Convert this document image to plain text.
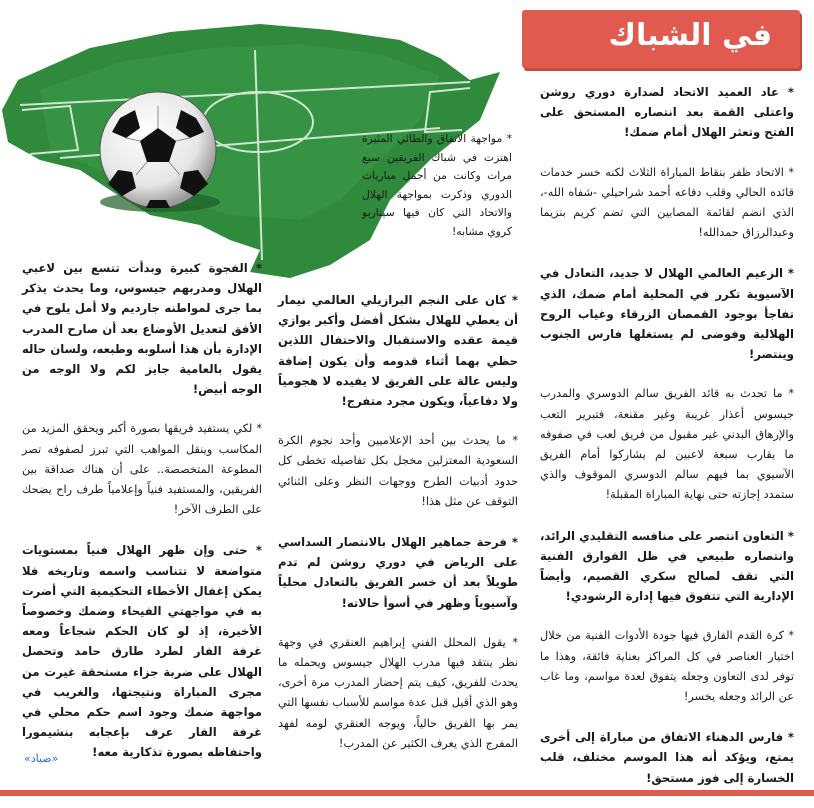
في الشباك

* عاد العميد الاتحاد لصدارة دوري روشن واعتلى القمة بعد انتصاره المستحق على الفتح وتعثر الهلال أمام ضمك!

* الاتحاد ظفر بنقاط المباراة الثلاث لكنه خسر خدمات قائده الحالي وقلب دفاعه أحمد شراحيلي -شفاه الله-، الذي انضم لقائمة المصابين التي تضم كريم بنزيما وعبدالرزاق حمدالله!

* الزعيم العالمي الهلال لا جديد، التعادل في الآسيوية تكرر في المحلية أمام ضمك، الذي تفاجأ بوجود القمصان الزرقاء وغياب الروح الهلالية وفوضى لم يستغلها فارس الجنوب وينتصر!

* ما تحدث به قائد الفريق سالم الدوسري والمدرب جيسوس أعذار غريبة وغير مقنعة، فتبرير التعب والإرهاق البدني غير مقبول من فريق لعب في صفوفه ما يقارب سبعة لاعبين لم يشاركوا أمام الفريق الآسيوي بما فيهم سالم الدوسري الموقوف والذي ستمدد إجازته حتى نهاية المباراة المقبلة!

* التعاون انتصر على منافسه التقليدي الرائد، وانتصاره طبيعي في ظل الفوارق الفنية التي تقف لصالح سكري القصيم، وأيضاً الإدارية التي تتفوق فيها إدارة الرشودي!

* كرة القدم الفارق فيها جودة الأدوات الفنية من خلال اختيار العناصر في كل المراكز بعناية فائقة، وهذا ما توفر لدى التعاون وجعله يتفوق لعدة مواسم، وما غاب عن الرائد وجعله يخسر!

* فارس الدهناء الاتفاق من مباراة إلى أخرى يمتع، ويؤكد أنه هذا الموسم مختلف، قلب الخسارة إلى فوز مستحق!

* مواجهة الاتفاق والطائي المثيرة اهتزت في شباك الفريقين سبع مرات وكانت من أجمل مباريات الدوري وذكرت بمواجهة الهلال والاتحاد التي كان فيها سيناريو كروي مشابه!

* كان على النجم البرازيلي العالمي نيمار أن يعطي للهلال بشكل أفضل وأكبر يوازي قيمة عقده والاستقبال والاحتفال اللذين حظي بهما أثناء قدومه وأن يكون إضافة وليس عالة على الفريق لا يفيده لا هجومياً ولا دفاعياً، ويكون مجرد متفرج!

* ما يحدث بين أحد الإعلاميين وأحد نجوم الكرة السعودية المعتزلين مخجل بكل تفاصيله تخطى كل حدود أدبيات الطرح ووجهات النظر وعلى الثنائي التوقف عن مثل هذا!

* فرحة جماهير الهلال بالانتصار السداسي على الرياض في دوري روشن لم تدم طويلاً بعد أن خسر الفريق بالتعادل محلياً وآسيوياً وظهر في أسوأ حالاته!

* يقول المحلل الفني إبراهيم العنقري في وجهة نظر ينتقد فيها مدرب الهلال جيسوس ويحمله ما يحدث للفريق، كيف يتم إحضار المدرب مرة أخرى، وهو الذي أقيل قبل عدة مواسم للأسباب نفسها التي يمر بها الفريق حالياً، ويوجه العنقري لومه لفهد المفرج الذي يعرف الكثير عن المدرب!

* الفجوة كبيرة وبدأت تتسع بين لاعبي الهلال ومدربهم جيسوس، وما يحدث يذكر بما جرى لمواطنه جارديم ولا أمل يلوح في الأفق لتعديل الأوضاع بعد أن صارح المدرب الإدارة بأن هذا أسلوبه وطبعه، ولسان حاله يقول بالعامية جايز لكم ولا الوجه من الوجه أبيض!

* لكي يستفيد فريقها بصورة أكبر ويحقق المزيد من المكاسب وينقل المواهب التي تبرز لصفوفه تصر المطوعة المتخصصة.. على أن هناك صداقة بين الفريقين، والمستفيد فنياً وإعلامياً طرف راح يضحك على الطرف الآخر!

* حتى وإن ظهر الهلال فنياً بمستويات متواضعة لا تتناسب واسمه وتاريخه فلا يمكن إغفال الأخطاء التحكيمية التي أضرت به في مواجهتي الفيحاء وضمك وخصوصاً الأخيرة، إذ لو كان الحكم شجاعاً ومعه غرفة الفار لطرد طارق حامد وتحصل الهلال على ضربة جزاء مستحقة غيرت من مجرى المباراة ونتيجتها، والغريب في مواجهة ضمك وجود اسم حكم محلي في غرفة الفار عرف بإعجابه بنشيمورا واحتفاظه بصورة تذكارية معه!

«صياد»
